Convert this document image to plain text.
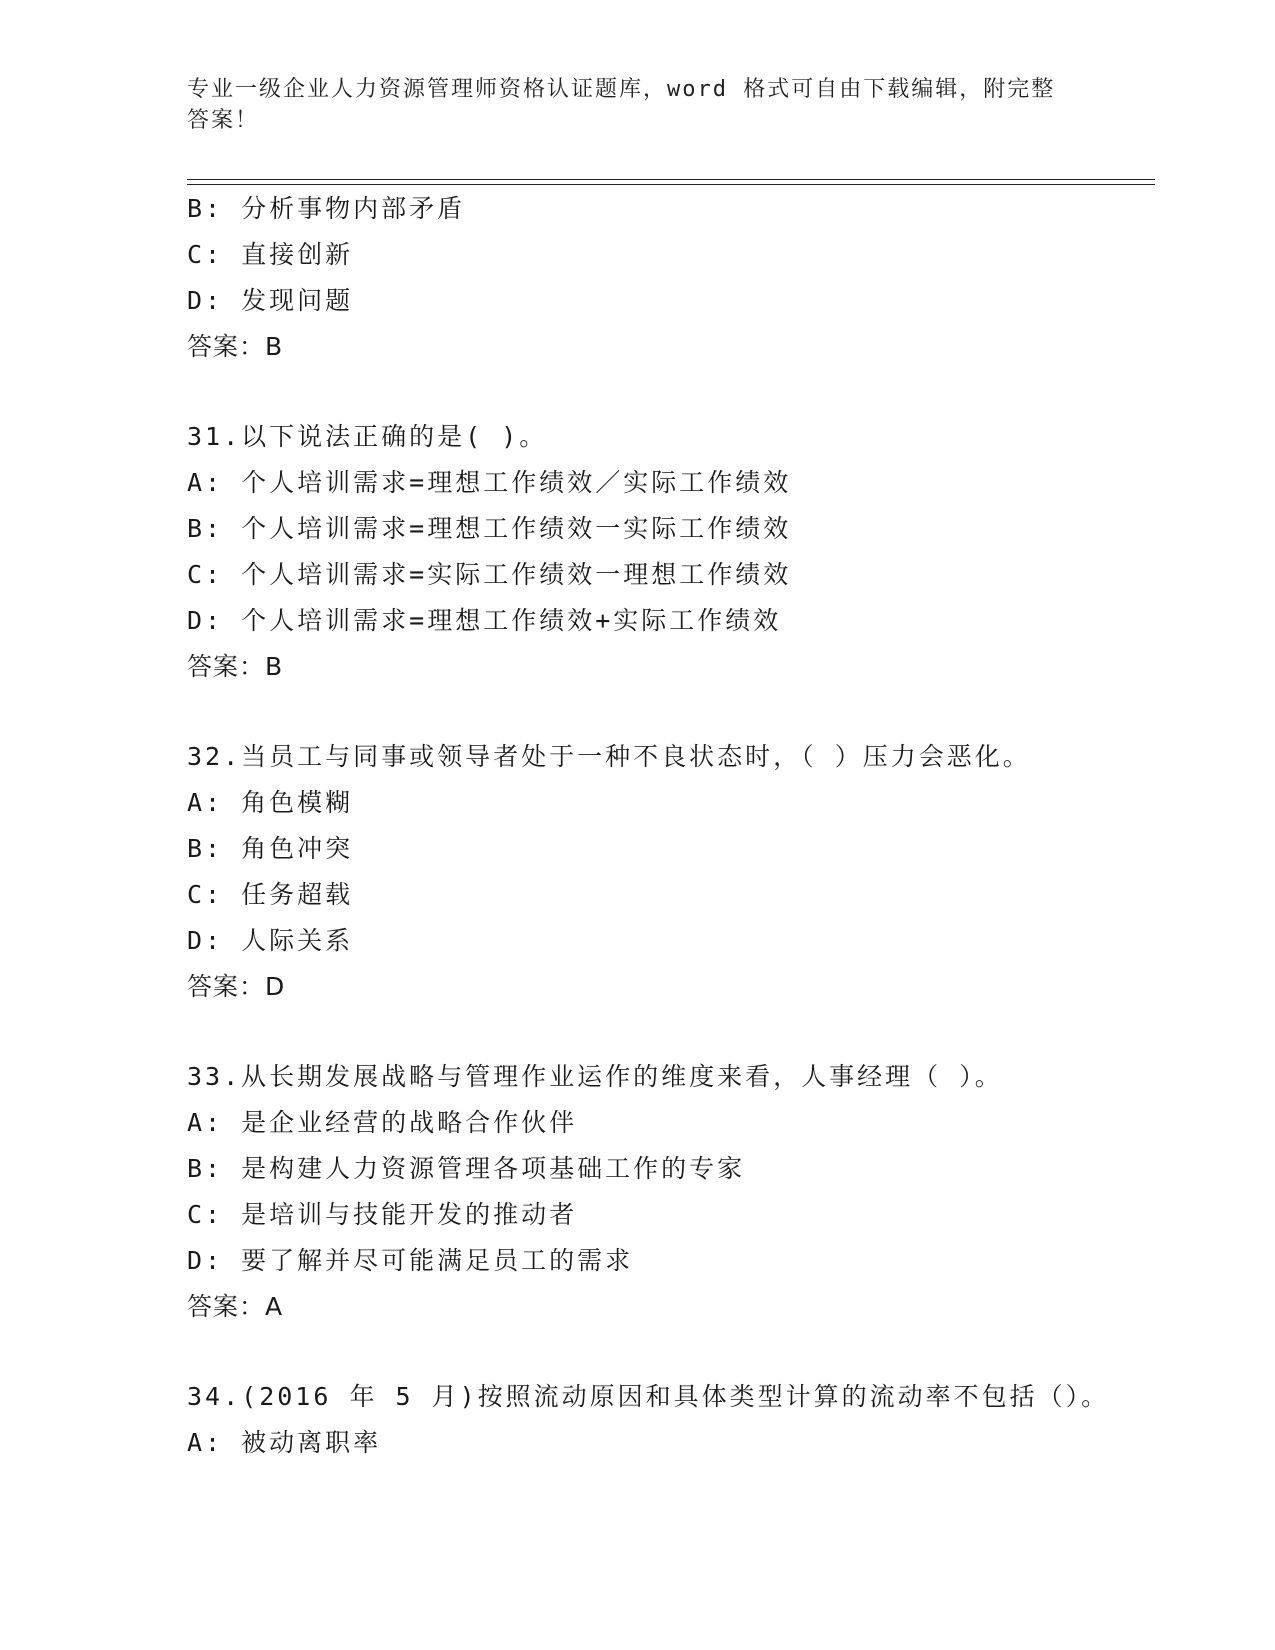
专业一级企业人力资源管理师资格认证题库，word 格式可自由下载编辑，附完整答案！
B: 分析事物内部矛盾
C: 直接创新
D: 发现问题
答案：B
31.以下说法正确的是( )。
A: 个人培训需求=理想工作绩效／实际工作绩效
B: 个人培训需求=理想工作绩效一实际工作绩效
C: 个人培训需求=实际工作绩效一理想工作绩效
D: 个人培训需求=理想工作绩效+实际工作绩效
答案：B
32.当员工与同事或领导者处于一种不良状态时，（ ）压力会恶化。
A: 角色模糊
B: 角色冲突
C: 任务超载
D: 人际关系
答案：D
33.从长期发展战略与管理作业运作的维度来看，人事经理（ ）。
A: 是企业经营的战略合作伙伴
B: 是构建人力资源管理各项基础工作的专家
C: 是培训与技能开发的推动者
D: 要了解并尽可能满足员工的需求
答案：A
34.(2016 年 5 月)按照流动原因和具体类型计算的流动率不包括（）。
A: 被动离职率
